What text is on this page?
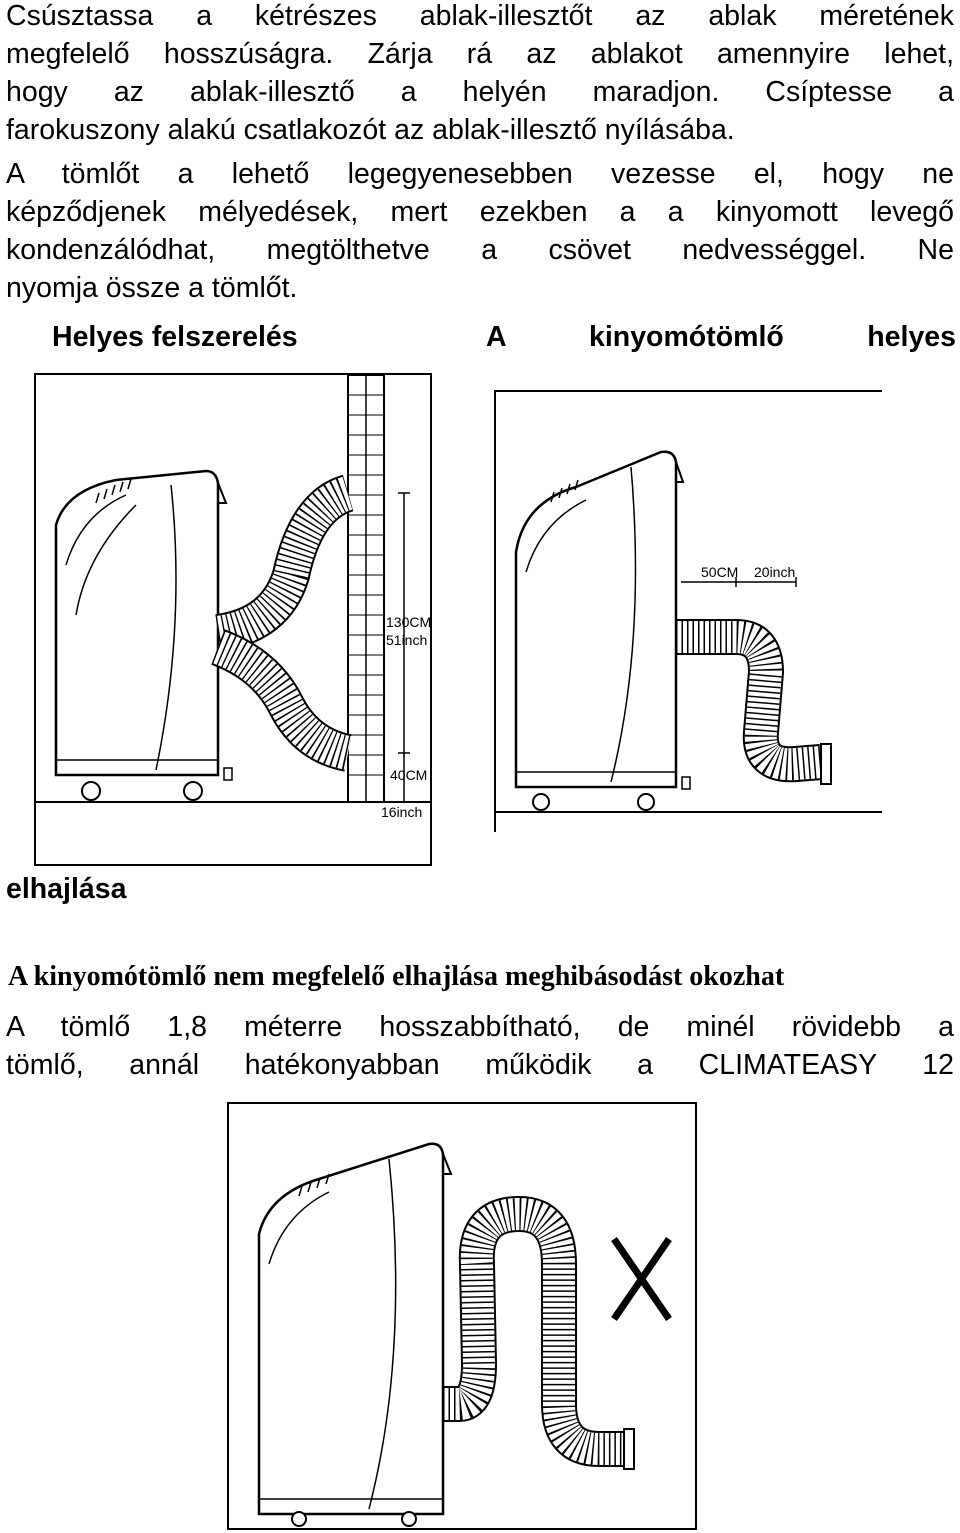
Csúsztassa a kétrészes ablak-illesztőt az ablak méretének
megfelelő hosszúságra. Zárja rá az ablakot amennyire lehet,
hogy az ablak-illesztő a helyén maradjon. Csíptesse a
farokuszony alakú csatlakozót az ablak-illesztő nyílásába.
A tömlőt a lehető legegyenesebben vezesse el, hogy ne
képződjenek mélyedések, mert ezekben a a kinyomott levegő
kondenzálódhat, megtölthetve a csövet nedvességgel. Ne
nyomja össze a tömlőt.
Helyes felszerelés	A kinyomótömlő helyes
elhajlása
130CM
51inch
40CM
16inch
50CM 20inch
A kinyomótömlő nem megfelelő elhajlása meghibásodást okozhat
A tömlő 1,8 méterre hosszabbítható, de minél rövidebb a
tömlő, annál hatékonyabban működik a CLIMATEASY 12
